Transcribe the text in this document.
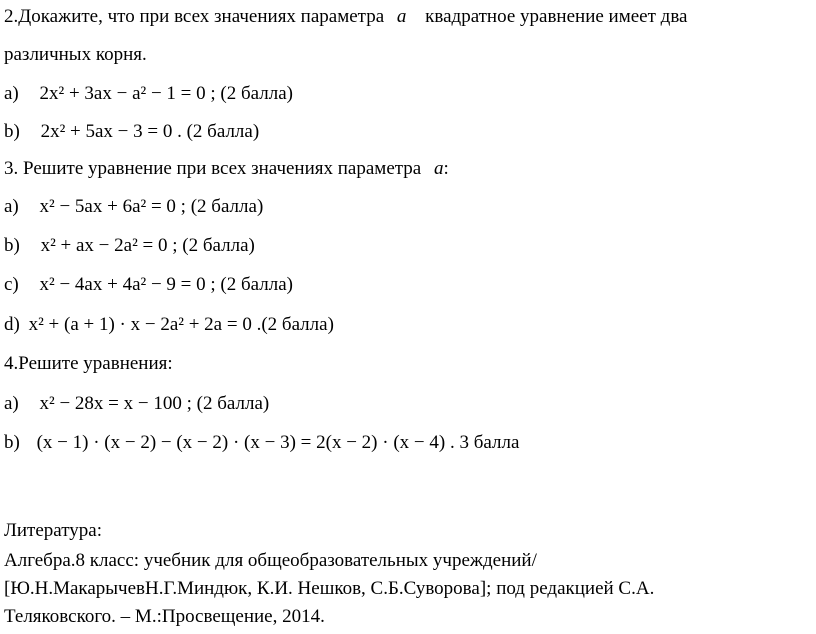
2.Докажите, что при всех значениях параметра a квадратное уравнение имеет два
различных корня.
a) 2x² + 3ax − a² − 1 = 0 ; (2 балла)
b) 2x² + 5ax − 3 = 0 . (2 балла)
3. Решите уравнение при всех значениях параметра a:
a) x² − 5ax + 6a² = 0 ; (2 балла)
b) x² + ax − 2a² = 0 ; (2 балла)
c) x² − 4ax + 4a² − 9 = 0 ; (2 балла)
d) x² + (a + 1) · x − 2a² + 2a = 0 .(2 балла)
4.Решите уравнения:
a) x² − 28x = x − 100 ; (2 балла)
b) (x − 1) · (x − 2) − (x − 2) · (x − 3) = 2(x − 2) · (x − 4) . 3 балла
Литература:
Алгебра.8 класс: учебник для общеобразовательных учреждений/
[Ю.Н.МакарычевН.Г.Миндюк, К.И. Нешков, С.Б.Суворова]; под редакцией С.А.
Теляковского. – М.:Просвещение, 2014.
